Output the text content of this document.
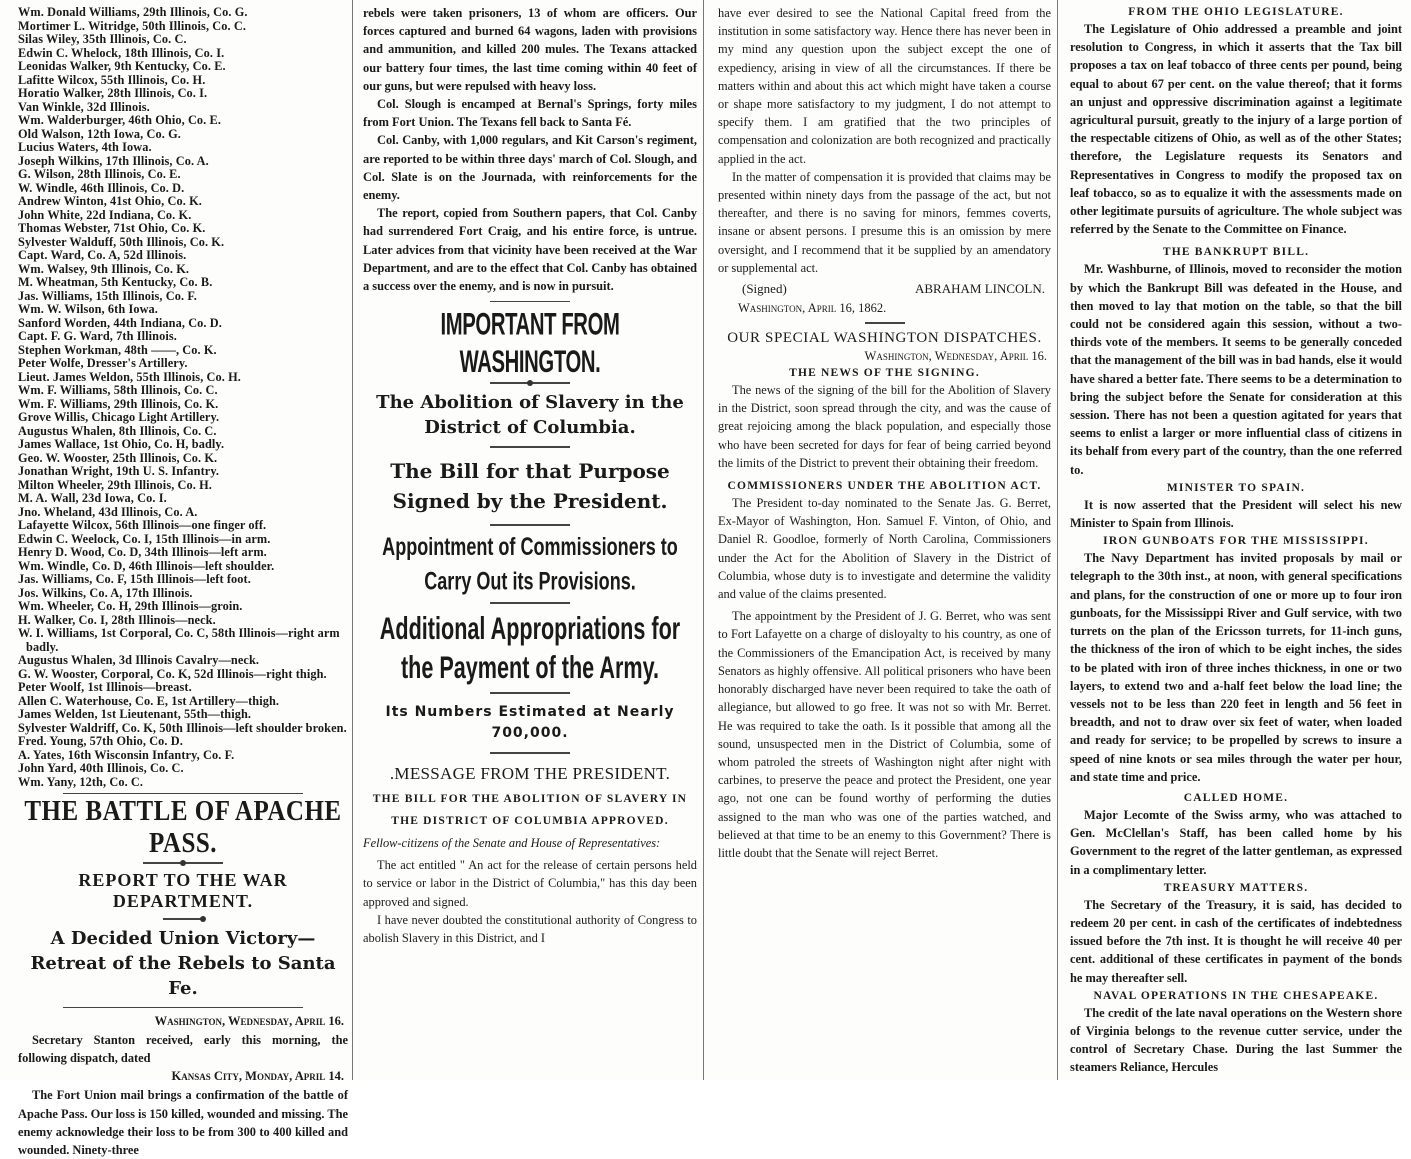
Wm. Donald Williams, 29th Illinois, Co. G.
Mortimer L. Witridge, 50th Illinois, Co. C.
Silas Wiley, 35th Illinois, Co. C.
Edwin C. Whelock, 18th Illinois, Co. I.
Leonidas Walker, 9th Kentucky, Co. E.
Lafitte Wilcox, 55th Illinois, Co. H.
Horatio Walker, 28th Illinois, Co. I.
Van Winkle, 32d Illinois.
Wm. Walderburger, 46th Ohio, Co. E.
Old Walson, 12th Iowa, Co. G.
Lucius Waters, 4th Iowa.
Joseph Wilkins, 17th Illinois, Co. A.
G. Wilson, 28th Illinois, Co. E.
W. Windle, 46th Illinois, Co. D.
Andrew Winton, 41st Ohio, Co. K.
John White, 22d Indiana, Co. K.
Thomas Webster, 71st Ohio, Co. K.
Sylvester Walduff, 50th Illinois, Co. K.
Capt. Ward, Co. A, 52d Illinois.
Wm. Walsey, 9th Illinois, Co. K.
M. Wheatman, 5th Kentucky, Co. B.
Jas. Williams, 15th Illinois, Co. F.
Wm. W. Wilson, 6th Iowa.
Sanford Worden, 44th Indiana, Co. D.
Capt. F. G. Ward, 7th Illinois.
Stephen Workman, 48th ——, Co. K.
Peter Wolfe, Dresser's Artillery.
Lieut. James Weldon, 55th Illinois, Co. H.
Wm. F. Williams, 58th Illinois, Co. C.
Wm. F. Williams, 29th Illinois, Co. K.
Grove Willis, Chicago Light Artillery.
Augustus Whalen, 8th Illinois, Co. C.
James Wallace, 1st Ohio, Co. H, badly.
Geo. W. Wooster, 25th Illinois, Co. K.
Jonathan Wright, 19th U. S. Infantry.
Milton Wheeler, 29th Illinois, Co. H.
M. A. Wall, 23d Iowa, Co. I.
Jno. Wheland, 43d Illinois, Co. A.
Lafayette Wilcox, 56th Illinois—one finger off.
Edwin C. Weelock, Co. I, 15th Illinois—in arm.
Henry D. Wood, Co. D, 34th Illinois—left arm.
Wm. Windle, Co. D, 46th Illinois—left shoulder.
Jas. Williams, Co. F, 15th Illinois—left foot.
Jos. Wilkins, Co. A, 17th Illinois.
Wm. Wheeler, Co. H, 29th Illinois—groin.
H. Walker, Co. I, 28th Illinois—neck.
W. I. Williams, 1st Corporal, Co. C, 58th Illinois—right arm badly.
Augustus Whalen, 3d Illinois Cavalry—neck.
G. W. Wooster, Corporal, Co. K, 52d Illinois—right thigh.
Peter Woolf, 1st Illinois—breast.
Allen C. Waterhouse, Co. E, 1st Artillery—thigh.
James Welden, 1st Lieutenant, 55th—thigh.
Sylvester Waldriff, Co. K, 50th Illinois—left shoulder broken.
Fred. Young, 57th Ohio, Co. D.
A. Yates, 16th Wisconsin Infantry, Co. F.
John Yard, 40th Illinois, Co. C.
Wm. Yany, 12th, Co. C.
THE BATTLE OF APACHE PASS.
REPORT TO THE WAR DEPARTMENT.
A Decided Union Victory—Retreat of the Rebels to Santa Fe.
Washington, Wednesday, April 16.

Secretary Stanton received, early this morning, the following dispatch, dated

Kansas City, Monday, April 14.

The Fort Union mail brings a confirmation of the battle of Apache Pass. Our loss is 150 killed, wounded and missing. The enemy acknowledge their loss to be from 300 to 400 killed and wounded. Ninety-three

rebels were taken prisoners, 13 of whom are officers. Our forces captured and burned 64 wagons, laden with provisions and ammunition, and killed 200 mules. The Texans attacked our battery four times, the last time coming within 40 feet of our guns, but were repulsed with heavy loss.

Col. Slough is encamped at Bernal's Springs, forty miles from Fort Union. The Texans fell back to Santa Fé.

Col. Canby, with 1,000 regulars, and Kit Carson's regiment, are reported to be within three days' march of Col. Slough, and Col. Slate is on the Journada, with reinforcements for the enemy.

The report, copied from Southern papers, that Col. Canby had surrendered Fort Craig, and his entire force, is untrue. Later advices from that vicinity have been received at the War Department, and are to the effect that Col. Canby has obtained a success over the enemy, and is now in pursuit.

IMPORTANT FROM WASHINGTON.
The Abolition of Slavery in the District of Columbia.
The Bill for that Purpose Signed by the President.
Appointment of Commissioners to Carry Out its Provisions.
Additional Appropriations for the Payment of the Army.
Its Numbers Estimated at Nearly 700,000.
.MESSAGE FROM THE PRESIDENT.
THE BILL FOR THE ABOLITION OF SLAVERY IN THE DISTRICT OF COLUMBIA APPROVED.

Fellow-citizens of the Senate and House of Representatives:

The act entitled " An act for the release of certain persons held to service or labor in the District of Columbia," has this day been approved and signed.

I have never doubted the constitutional authority of Congress to abolish Slavery in this District, and I

have ever desired to see the National Capital freed from the institution in some satisfactory way. Hence there has never been in my mind any question upon the subject except the one of expediency, arising in view of all the circumstances. If there be matters within and about this act which might have taken a course or shape more satisfactory to my judgment, I do not attempt to specify them. I am gratified that the two principles of compensation and colonization are both recognized and practically applied in the act.

In the matter of compensation it is provided that claims may be presented within ninety days from the passage of the act, but not thereafter, and there is no saving for minors, femmes coverts, insane or absent persons. I presume this is an omission by mere oversight, and I recommend that it be supplied by an amendatory or supplemental act.

(Signed)	ABRAHAM LINCOLN.
Washington, April 16, 1862.
OUR SPECIAL WASHINGTON DISPATCHES.
Washington, Wednesday, April 16.
THE NEWS OF THE SIGNING.

The news of the signing of the bill for the Abolition of Slavery in the District, soon spread through the city, and was the cause of great rejoicing among the black population, and especially those who have been secreted for days for fear of being carried beyond the limits of the District to prevent their obtaining their freedom.

COMMISSIONERS UNDER THE ABOLITION ACT.

The President to-day nominated to the Senate Jas. G. Berret, Ex-Mayor of Washington, Hon. Samuel F. Vinton, of Ohio, and Daniel R. Goodloe, formerly of North Carolina, Commissioners under the Act for the Abolition of Slavery in the District of Columbia, whose duty is to investigate and determine the validity and value of the claims presented.

The appointment by the President of J. G. Berret, who was sent to Fort Lafayette on a charge of disloyalty to his country, as one of the Commissioners of the Emancipation Act, is received by many Senators as highly offensive. All political prisoners who have been honorably discharged have never been required to take the oath of allegiance, but allowed to go free. It was not so with Mr. Berret. He was required to take the oath. Is it possible that among all the sound, unsuspected men in the District of Columbia, some of whom patroled the streets of Washington night after night with carbines, to preserve the peace and protect the President, one year ago, not one can be found worthy of performing the duties assigned to the man who was one of the parties watched, and believed at that time to be an enemy to this Government? There is little doubt that the Senate will reject Berret.

FROM THE OHIO LEGISLATURE.

The Legislature of Ohio addressed a preamble and joint resolution to Congress, in which it asserts that the Tax bill proposes a tax on leaf tobacco of three cents per pound, being equal to about 67 per cent. on the value thereof; that it forms an unjust and oppressive discrimination against a legitimate agricultural pursuit, greatly to the injury of a large portion of the respectable citizens of Ohio, as well as of the other States; therefore, the Legislature requests its Senators and Representatives in Congress to modify the proposed tax on leaf tobacco, so as to equalize it with the assessments made on other legitimate pursuits of agriculture. The whole subject was referred by the Senate to the Committee on Finance.

THE BANKRUPT BILL.

Mr. Washburne, of Illinois, moved to reconsider the motion by which the Bankrupt Bill was defeated in the House, and then moved to lay that motion on the table, so that the bill could not be considered again this session, without a two-thirds vote of the members. It seems to be generally conceded that the management of the bill was in bad hands, else it would have shared a better fate. There seems to be a determination to bring the subject before the Senate for consideration at this session. There has not been a question agitated for years that seems to enlist a larger or more influential class of citizens in its behalf from every part of the country, than the one referred to.

MINISTER TO SPAIN.

It is now asserted that the President will select his new Minister to Spain from Illinois.

IRON GUNBOATS FOR THE MISSISSIPPI.

The Navy Department has invited proposals by mail or telegraph to the 30th inst., at noon, with general specifications and plans, for the construction of one or more up to four iron gunboats, for the Mississippi River and Gulf service, with two turrets on the plan of the Ericsson turrets, for 11-inch guns, the thickness of the iron of which to be eight inches, the sides to be plated with iron of three inches thickness, in one or two layers, to extend two and a-half feet below the load line; the vessels not to be less than 220 feet in length and 56 feet in breadth, and not to draw over six feet of water, when loaded and ready for service; to be propelled by screws to insure a speed of nine knots or sea miles through the water per hour, and state time and price.

CALLED HOME.

Major Lecomte of the Swiss army, who was attached to Gen. McClellan's Staff, has been called home by his Government to the regret of the latter gentleman, as expressed in a complimentary letter.

TREASURY MATTERS.

The Secretary of the Treasury, it is said, has decided to redeem 20 per cent. in cash of the certificates of indebtedness issued before the 7th inst. It is thought he will receive 40 per cent. additional of these certificates in payment of the bonds he may thereafter sell.

NAVAL OPERATIONS IN THE CHESAPEAKE.

The credit of the late naval operations on the Western shore of Virginia belongs to the revenue cutter service, under the control of Secretary Chase. During the last Summer the steamers Reliance, Hercules
